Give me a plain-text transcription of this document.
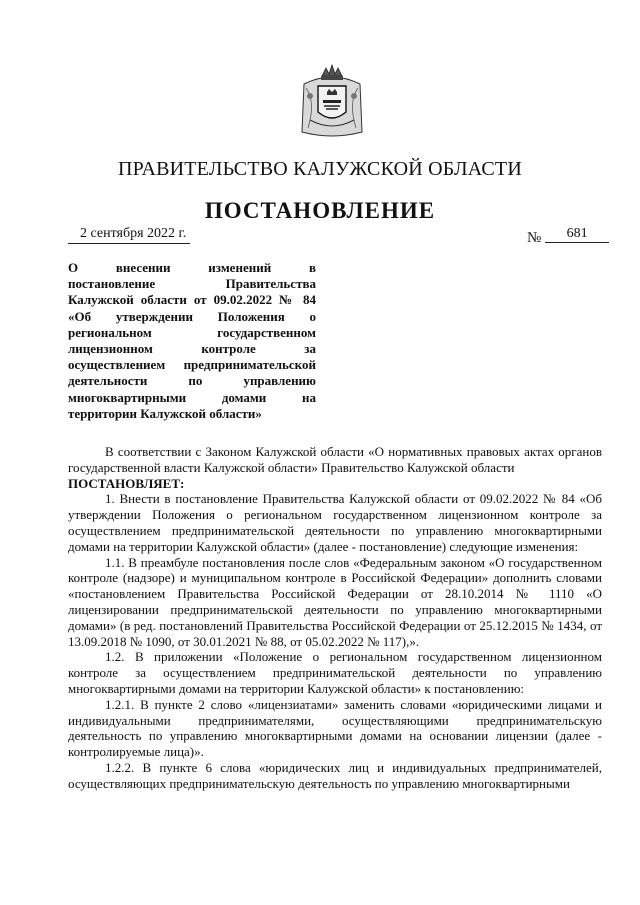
ПРАВИТЕЛЬСТВО КАЛУЖСКОЙ ОБЛАСТИ
ПОСТАНОВЛЕНИЕ
2 сентября 2022 г.	№ 681
О внесении изменений в
постановление Правительства
Калужской области от 09.02.2022 № 84
«Об утверждении Положения о
региональном государственном
лицензионном контроле за
осуществлением предпринимательской
деятельности по управлению
многоквартирными домами на
территории Калужской области»

В соответствии с Законом Калужской области «О нормативных правовых актах органов государственной власти Калужской области» Правительство Калужской области

ПОСТАНОВЛЯЕТ:

1. Внести в постановление Правительства Калужской области от 09.02.2022 № 84 «Об утверждении Положения о региональном государственном лицензионном контроле за осуществлением предпринимательской деятельности по управлению многоквартирными домами на территории Калужской области» (далее - постановление) следующие изменения:

1.1. В преамбуле постановления после слов «Федеральным законом «О государственном контроле (надзоре) и муниципальном контроле в Российской Федерации» дополнить словами «постановлением Правительства Российской Федерации от 28.10.2014 № 1110 «О лицензировании предпринимательской деятельности по управлению многоквартирными домами» (в ред. постановлений Правительства Российской Федерации от 25.12.2015 № 1434, от 13.09.2018 № 1090, от 30.01.2021 № 88, от 05.02.2022 № 117),».

1.2. В приложении «Положение о региональном государственном лицензионном контроле за осуществлением предпринимательской деятельности по управлению многоквартирными домами на территории Калужской области» к постановлению:

1.2.1. В пункте 2 слово «лицензиатами» заменить словами «юридическими лицами и индивидуальными предпринимателями, осуществляющими предпринимательскую деятельность по управлению многоквартирными домами на основании лицензии (далее - контролируемые лица)».

1.2.2. В пункте 6 слова «юридических лиц и индивидуальных предпринимателей, осуществляющих предпринимательскую деятельность по управлению многоквартирными
